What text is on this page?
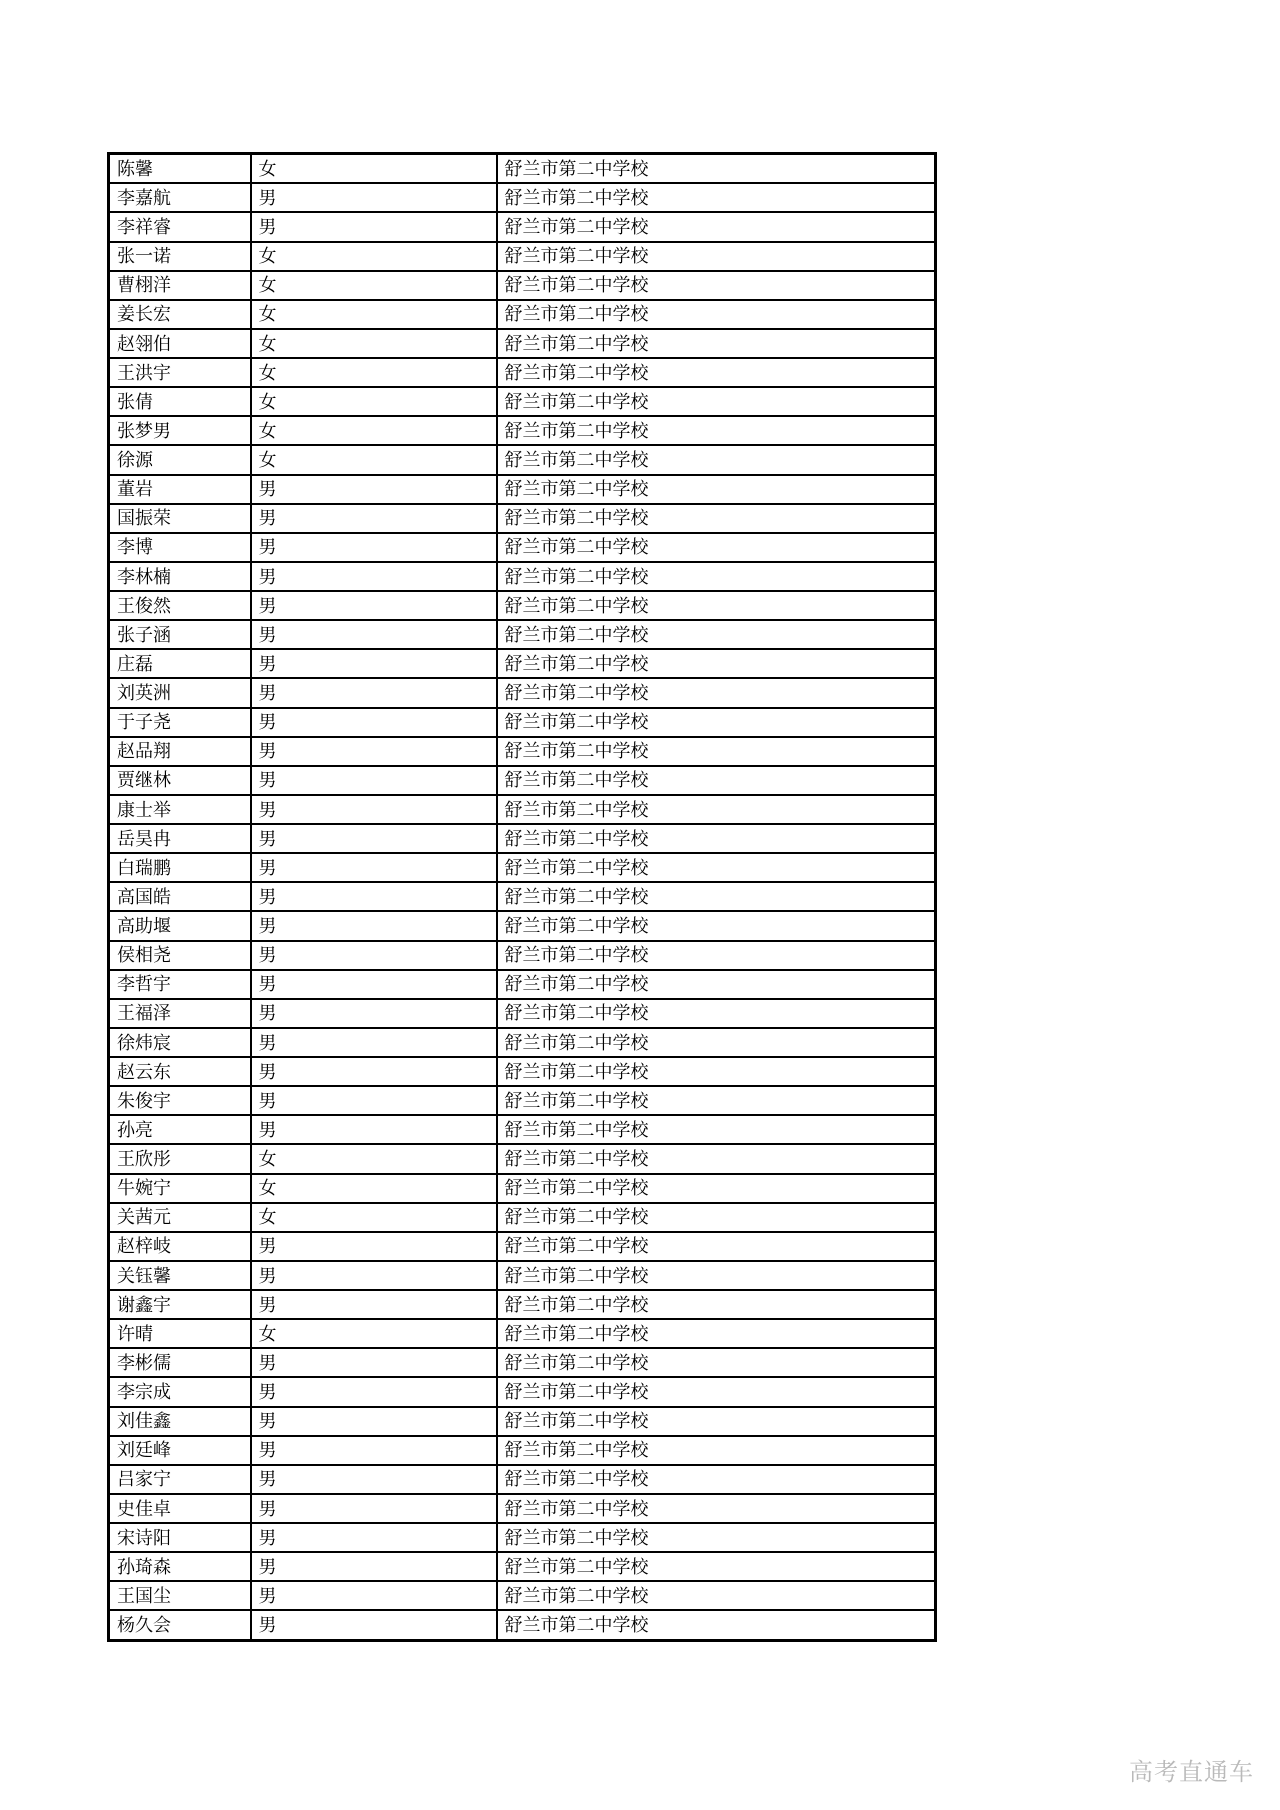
陈馨	女	舒兰市第二中学校
李嘉航	男	舒兰市第二中学校
李祥睿	男	舒兰市第二中学校
张一诺	女	舒兰市第二中学校
曹栩洋	女	舒兰市第二中学校
姜长宏	女	舒兰市第二中学校
赵翎伯	女	舒兰市第二中学校
王洪宇	女	舒兰市第二中学校
张倩	女	舒兰市第二中学校
张梦男	女	舒兰市第二中学校
徐源	女	舒兰市第二中学校
董岩	男	舒兰市第二中学校
国振荣	男	舒兰市第二中学校
李博	男	舒兰市第二中学校
李林楠	男	舒兰市第二中学校
王俊然	男	舒兰市第二中学校
张子涵	男	舒兰市第二中学校
庄磊	男	舒兰市第二中学校
刘英洲	男	舒兰市第二中学校
于子尧	男	舒兰市第二中学校
赵品翔	男	舒兰市第二中学校
贾继林	男	舒兰市第二中学校
康士举	男	舒兰市第二中学校
岳昊冉	男	舒兰市第二中学校
白瑞鹏	男	舒兰市第二中学校
高国皓	男	舒兰市第二中学校
高助堰	男	舒兰市第二中学校
侯相尧	男	舒兰市第二中学校
李哲宇	男	舒兰市第二中学校
王福泽	男	舒兰市第二中学校
徐炜宸	男	舒兰市第二中学校
赵云东	男	舒兰市第二中学校
朱俊宇	男	舒兰市第二中学校
孙亮	男	舒兰市第二中学校
王欣彤	女	舒兰市第二中学校
牛婉宁	女	舒兰市第二中学校
关茜元	女	舒兰市第二中学校
赵梓岐	男	舒兰市第二中学校
关钰馨	男	舒兰市第二中学校
谢鑫宇	男	舒兰市第二中学校
许晴	女	舒兰市第二中学校
李彬儒	男	舒兰市第二中学校
李宗成	男	舒兰市第二中学校
刘佳鑫	男	舒兰市第二中学校
刘廷峰	男	舒兰市第二中学校
吕家宁	男	舒兰市第二中学校
史佳卓	男	舒兰市第二中学校
宋诗阳	男	舒兰市第二中学校
孙琦森	男	舒兰市第二中学校
王国尘	男	舒兰市第二中学校
杨久会	男	舒兰市第二中学校
高考直通车
